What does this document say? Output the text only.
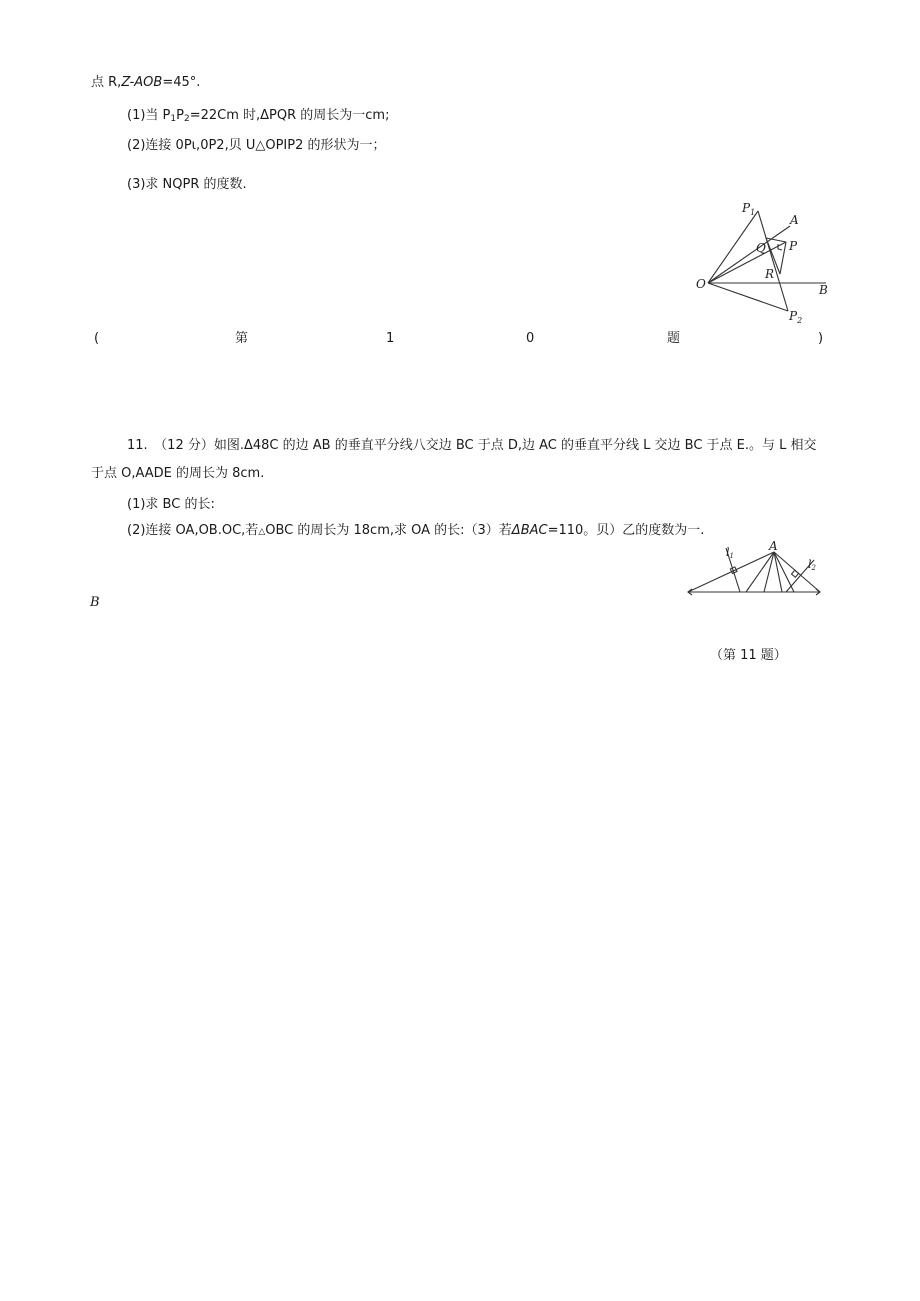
点 R,Z-AOB=45°.
(1)当 $P_1P_2=22Cm$ 时,ΔPQR 的周长为一cm;
(2)连接 0Pι,0P2,贝 U△OPIP2 的形状为一；
(3)求 NQPR 的度数.
$P_1$
A
Q P
R
O	B
$P_2$
(	第	1	0	题	)
11.　（12 分）如图.Δ48C 的边 AB 的垂直平分线八交边 BC 于点 D,边 AC 的垂直平分线 L 交边 BC 于点 E.。与 L 相交
于点 O,AADE 的周长为 8cm.
(1)求 BC 的长:
(2)连接 OA,OB.OC,若△OBC 的周长为 18cm,求 OA 的长:（3）若ΔBAC=110。贝）乙的度数为一.
l1
A
l2
B
（第 11 题）
